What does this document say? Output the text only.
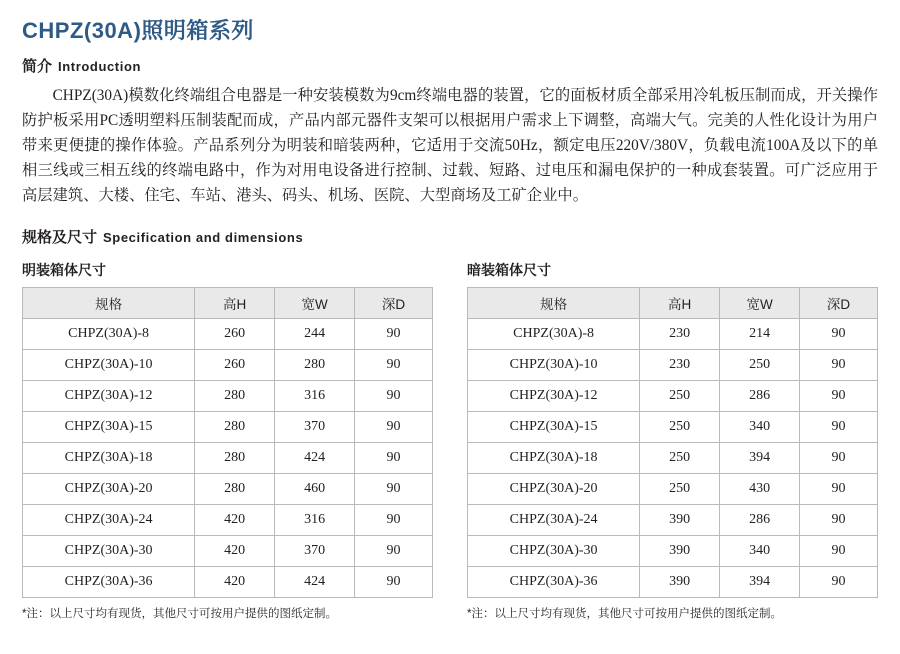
CHPZ(30A)照明箱系列
简介 Introduction

CHPZ(30A)模数化终端组合电器是一种安装模数为9cm终端电器的装置，它的面板材质全部采用冷轧板压制而成，开关操作防护板采用PC透明塑料压制装配而成，产品内部元器件支架可以根据用户需求上下调整，高端大气。完美的人性化设计为用户带来更便捷的操作体验。产品系列分为明装和暗装两种，它适用于交流50Hz，额定电压220V/380V，负载电流100A及以下的单相三线或三相五线的终端电路中，作为对用电设备进行控制、过载、短路、过电压和漏电保护的一种成套装置。可广泛应用于高层建筑、大楼、住宅、车站、港头、码头、机场、医院、大型商场及工矿企业中。

规格及尺寸 Specification and dimensions
明装箱体尺寸
规格	高H	宽W	深D
CHPZ(30A)-8	260	244	90
CHPZ(30A)-10	260	280	90
CHPZ(30A)-12	280	316	90
CHPZ(30A)-15	280	370	90
CHPZ(30A)-18	280	424	90
CHPZ(30A)-20	280	460	90
CHPZ(30A)-24	420	316	90
CHPZ(30A)-30	420	370	90
CHPZ(30A)-36	420	424	90
*注：以上尺寸均有现货，其他尺寸可按用户提供的图纸定制。
暗装箱体尺寸
规格	高H	宽W	深D
CHPZ(30A)-8	230	214	90
CHPZ(30A)-10	230	250	90
CHPZ(30A)-12	250	286	90
CHPZ(30A)-15	250	340	90
CHPZ(30A)-18	250	394	90
CHPZ(30A)-20	250	430	90
CHPZ(30A)-24	390	286	90
CHPZ(30A)-30	390	340	90
CHPZ(30A)-36	390	394	90
*注：以上尺寸均有现货，其他尺寸可按用户提供的图纸定制。
